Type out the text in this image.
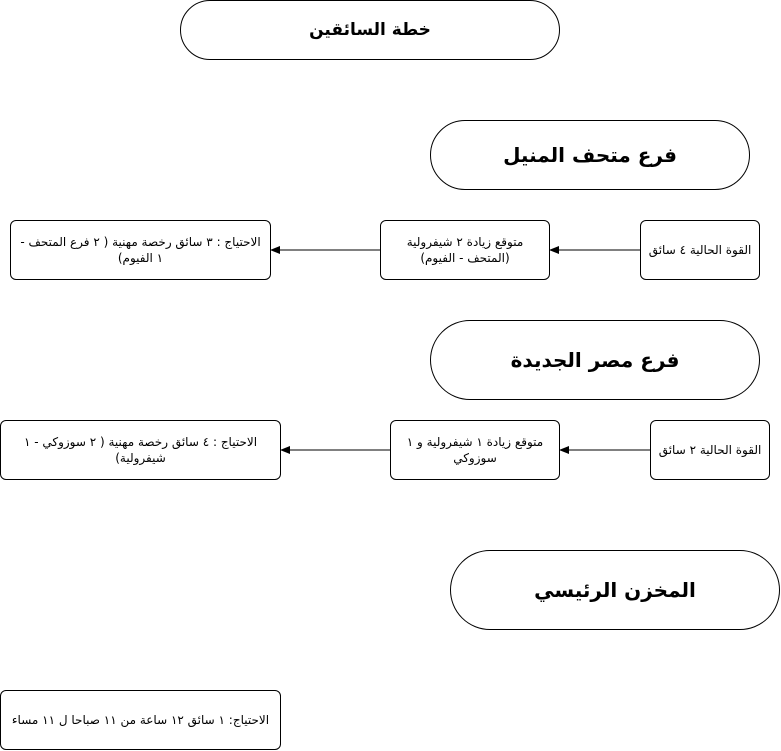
خطة السائقين
فرع متحف المنيل
القوة الحالية ٤ سائق
متوقع زيادة ٢ شيفرولية (المتحف - الفيوم)
الاحتياج : ٣ سائق رخصة مهنية ( ٢ فرع المتحف - ١ الفيوم)
فرع مصر الجديدة
القوة الحالية ٢ سائق
متوقع زيادة ١ شيفرولية و ١ سوزوكي
الاحتياج : ٤ سائق رخصة مهنية ( ٢ سوزوكي - ١ شيفرولية)
المخزن الرئيسي
الاحتياج: ١ سائق ١٢ ساعة من ١١ صباحا ل ١١ مساء
